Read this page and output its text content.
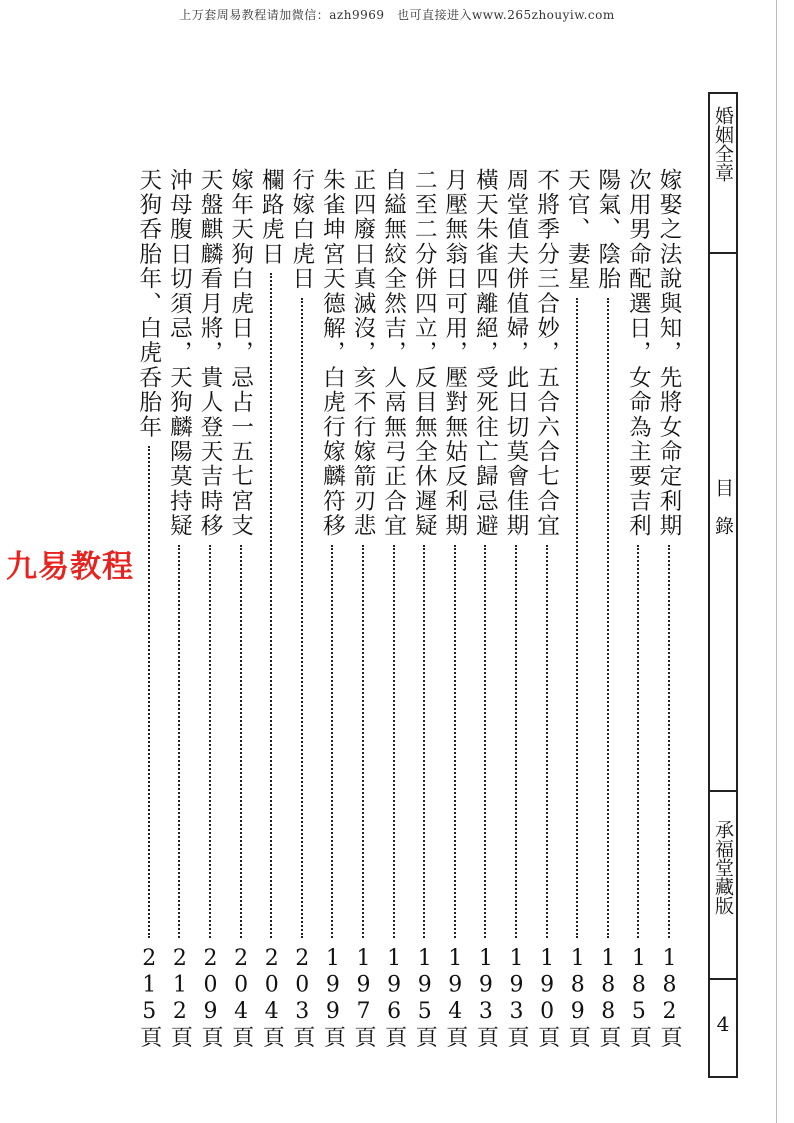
上万套周易教程请加微信：azh9969　也可直接进入www.265zhouyiw.com
嫁娶之法說與知，先將女命定利期
182頁
次用男命配選日，女命為主要吉利
185頁
陽氣、陰胎
188頁
天官、妻星
189頁
不將季分三合妙，五合六合七合宜
190頁
周堂值夫併值婦，此日切莫會佳期
193頁
橫天朱雀四離絕，受死往亡歸忌避
193頁
月壓無翁日可用，壓對無姑反利期
194頁
二至二分併四立，反目無全休遲疑
195頁
自縊無絞全然吉，人鬲無弓正合宜
196頁
正四廢日真滅沒，亥不行嫁箭刃悲
197頁
朱雀坤宮天德解，白虎行嫁麟符移
199頁
行嫁白虎日
203頁
欄路虎日
204頁
嫁年天狗白虎日，忌占一五七宮支
204頁
天盤麒麟看月將，貴人登天吉時移
209頁
沖母腹日切須忌，天狗麟陽莫持疑
212頁
天狗呑胎年、白虎呑胎年
215頁
九易教程
婚姻全章
目　錄
承福堂藏版
4
